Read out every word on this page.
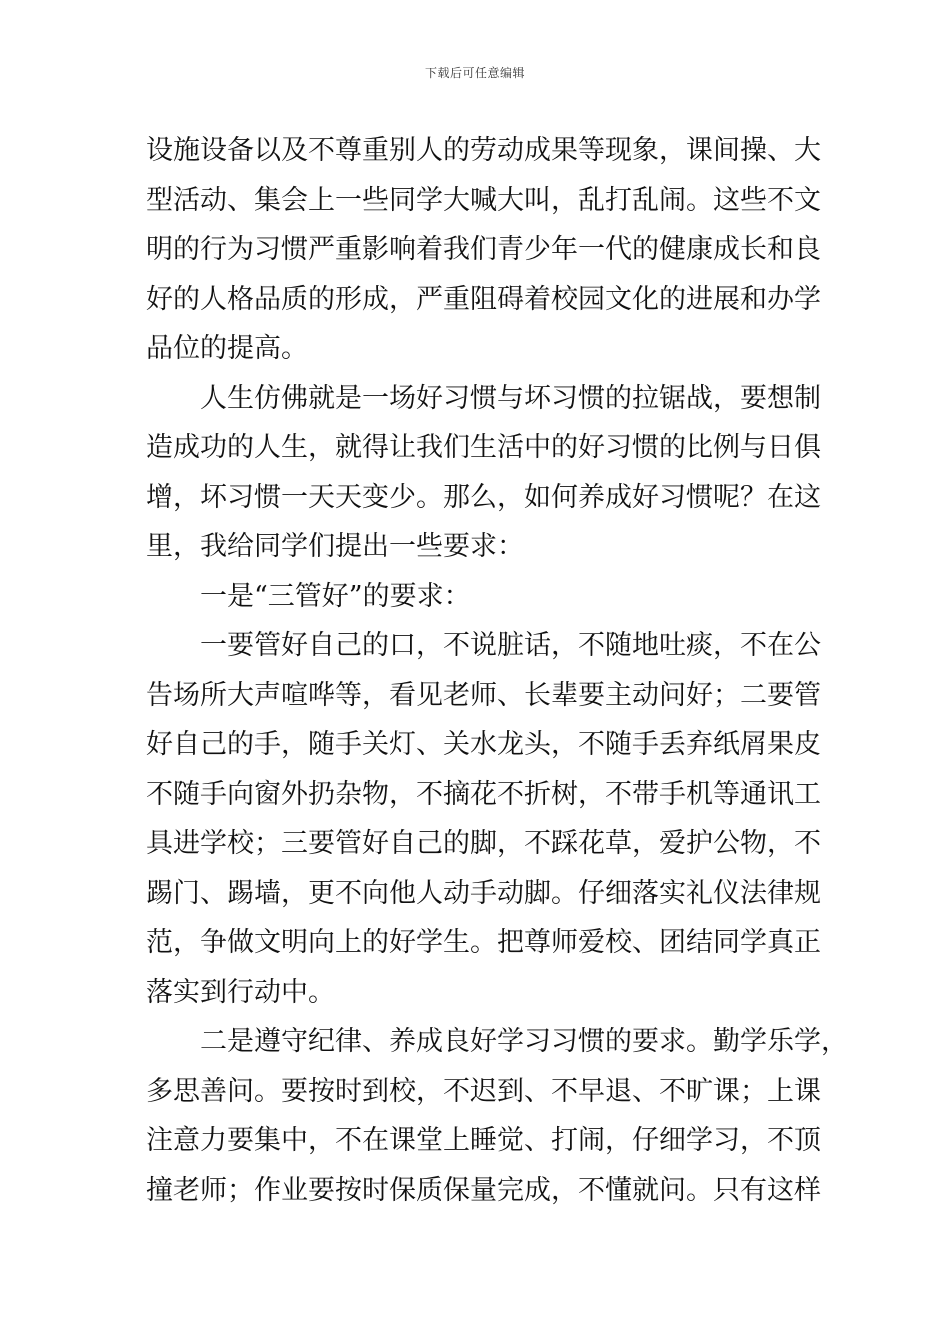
下载后可任意编辑
设施设备以及不尊重别人的劳动成果等现象，课间操、大
型活动、集会上一些同学大喊大叫，乱打乱闹。这些不文
明的行为习惯严重影响着我们青少年一代的健康成长和良
好的人格品质的形成，严重阻碍着校园文化的进展和办学
品位的提高。
人生仿佛就是一场好习惯与坏习惯的拉锯战，要想制
造成功的人生，就得让我们生活中的好习惯的比例与日俱
增，坏习惯一天天变少。那么，如何养成好习惯呢？在这
里，我给同学们提出一些要求：
一是“三管好”的要求：
一要管好自己的口，不说脏话，不随地吐痰，不在公
告场所大声喧哗等，看见老师、长辈要主动问好；二要管
好自己的手，随手关灯、关水龙头，不随手丢弃纸屑果皮
不随手向窗外扔杂物，不摘花不折树，不带手机等通讯工
具进学校；三要管好自己的脚，不踩花草，爱护公物，不
踢门、踢墙，更不向他人动手动脚。仔细落实礼仪法律规
范，争做文明向上的好学生。把尊师爱校、团结同学真正
落实到行动中。
二是遵守纪律、养成良好学习习惯的要求。勤学乐学，
多思善问。要按时到校，不迟到、不早退、不旷课；上课
注意力要集中，不在课堂上睡觉、打闹，仔细学习，不顶
撞老师；作业要按时保质保量完成，不懂就问。只有这样
